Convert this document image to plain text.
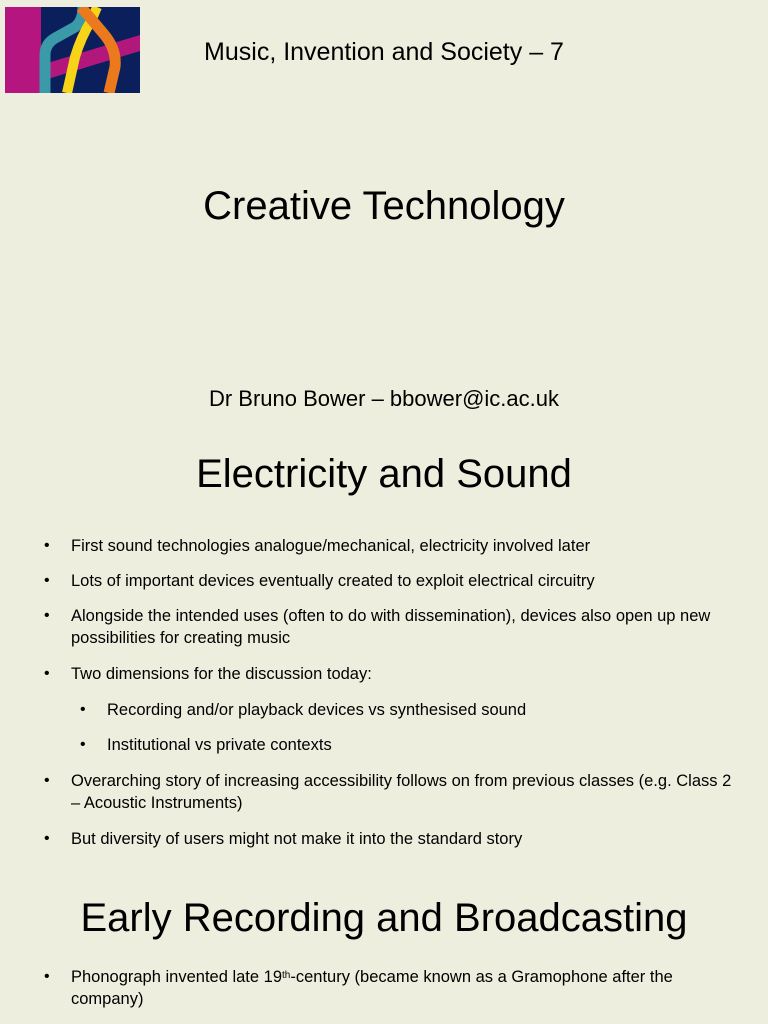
Music, Invention and Society – 7
Creative Technology

Dr Bruno Bower – bbower@ic.ac.uk

Electricity and Sound
• First sound technologies analogue/mechanical, electricity involved later
• Lots of important devices eventually created to exploit electrical circuitry
• Alongside the intended uses (often to do with dissemination), devices also open up new possibilities for creating music
• Two dimensions for the discussion today:
• Recording and/or playback devices vs synthesised sound
• Institutional vs private contexts
• Overarching story of increasing accessibility follows on from previous classes (e.g. Class 2 – Acoustic Instruments)
• But diversity of users might not make it into the standard story
Early Recording and Broadcasting
• Phonograph invented late 19th-century (became known as a Gramophone after the company)
